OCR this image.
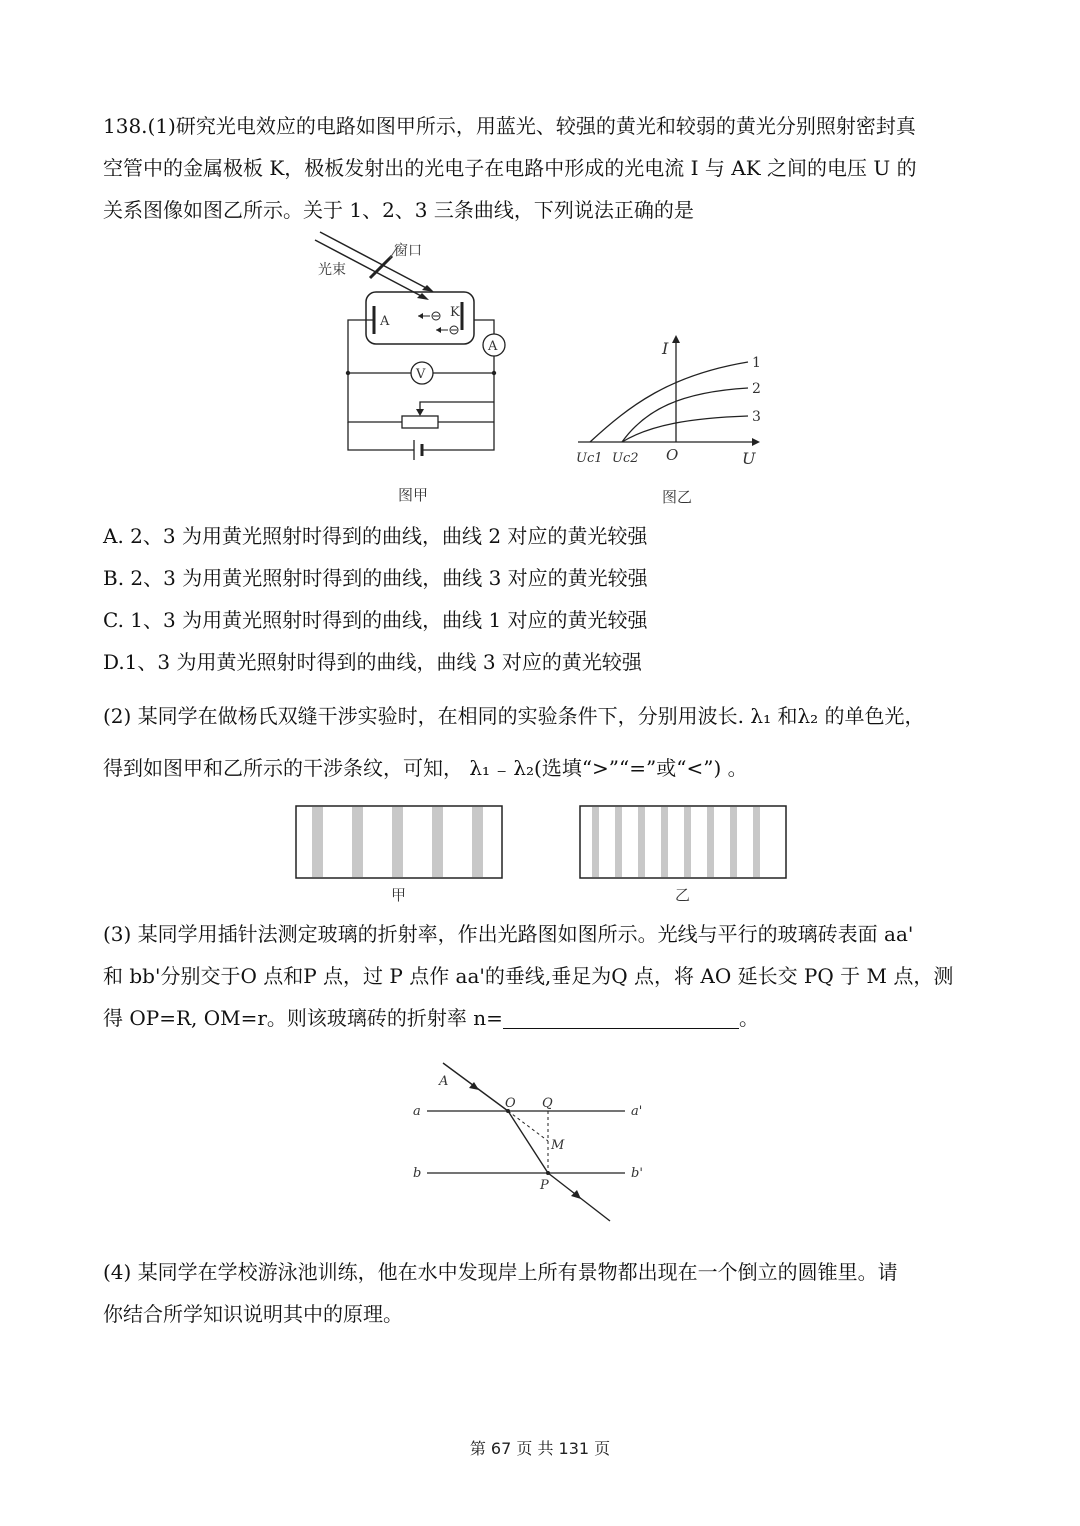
138.(1)研究光电效应的电路如图甲所示，用蓝光、较强的黄光和较弱的黄光分别照射密封真
空管中的金属极板 K，极板发射出的光电子在电路中形成的光电流 I 与 AK 之间的电压 U 的
关系图像如图乙所示。关于 1、2、3 三条曲线，下列说法正确的是
窗口
光束
A
K
A
V
图甲
I
U
O
Uc1 Uc2
1
2
3
图乙
A. 2、3 为用黄光照射时得到的曲线，曲线 2 对应的黄光较强
B. 2、3 为用黄光照射时得到的曲线，曲线 3 对应的黄光较强
C. 1、3 为用黄光照射时得到的曲线，曲线 1 对应的黄光较强
D.1、3 为用黄光照射时得到的曲线，曲线 3 对应的黄光较强
(2) 某同学在做杨氏双缝干涉实验时，在相同的实验条件下，分别用波长. λ₁ 和λ₂ 的单色光，
得到如图甲和乙所示的干涉条纹，可知， λ₁ ₋ λ₂(选填“>”“=”或“<”) 。
甲	乙
(3) 某同学用插针法测定玻璃的折射率，作出光路图如图所示。光线与平行的玻璃砖表面 aa'
和 bb'分别交于O 点和P 点，过 P 点作 aa'的垂线,垂足为Q 点，将 AO 延长交 PQ 于 M 点，测
得 OP=R, OM=r。则该玻璃砖的折射率 n=	。
a	a'
b	b'
A
O Q
M
P
(4) 某同学在学校游泳池训练，他在水中发现岸上所有景物都出现在一个倒立的圆锥里。请
你结合所学知识说明其中的原理。
第 67 页 共 131 页
